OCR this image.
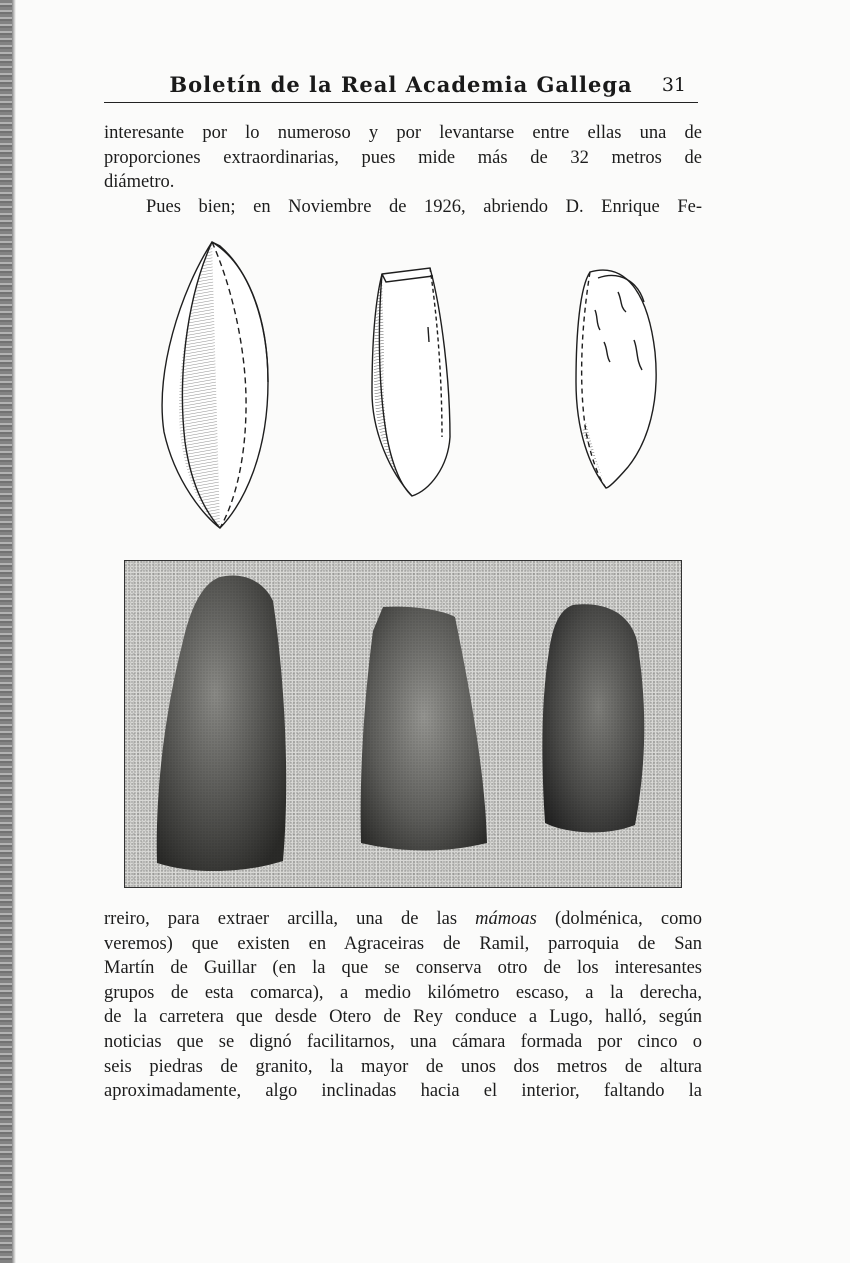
Boletín de la Real Academia Gallega	31
interesante por lo numeroso y por levantarse entre ellas una de
proporciones extraordinarias, pues mide más de 32 metros de
diámetro.
Pues bien; en Noviembre de 1926, abriendo D. Enrique Fe-
rreiro, para extraer arcilla, una de las mámoas (dolménica, como
veremos) que existen en Agraceiras de Ramil, parroquia de San
Martín de Guillar (en la que se conserva otro de los interesantes
grupos de esta comarca), a medio kilómetro escaso, a la derecha,
de la carretera que desde Otero de Rey conduce a Lugo, halló, según
noticias que se dignó facilitarnos, una cámara formada por cinco o
seis piedras de granito, la mayor de unos dos metros de altura
aproximadamente, algo inclinadas hacia el interior, faltando la
